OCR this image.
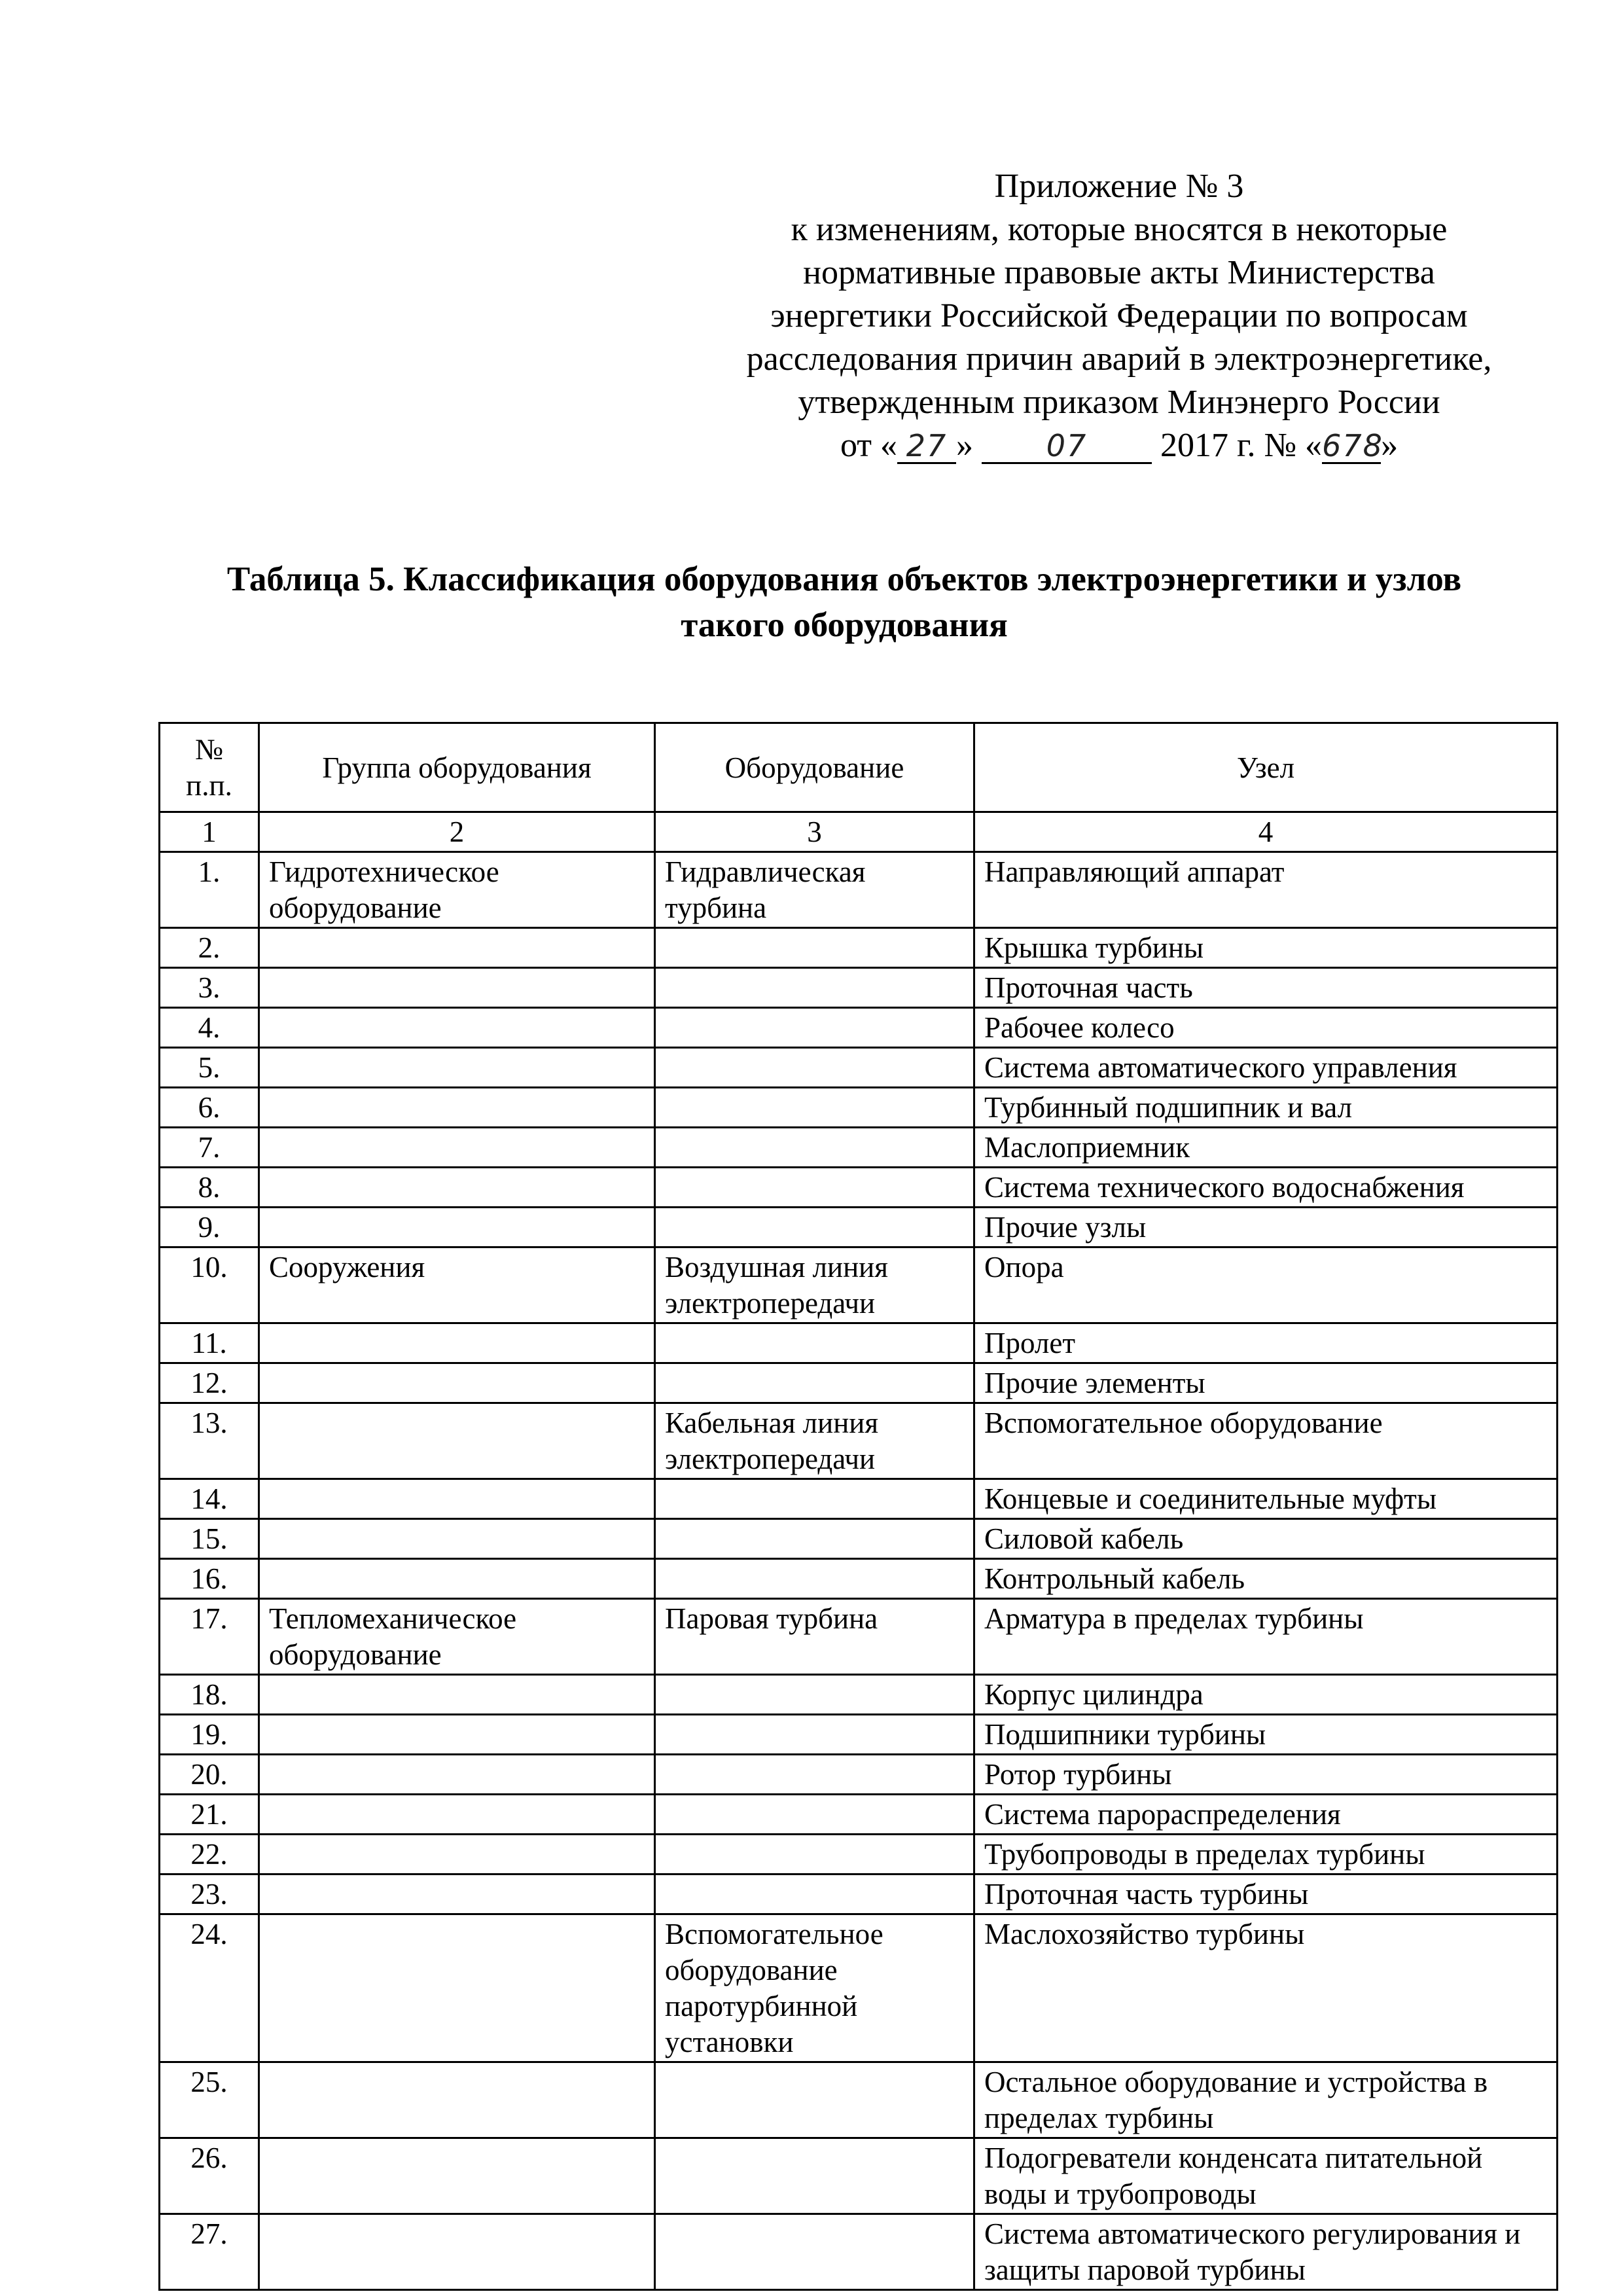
Приложение № 3
к изменениям, которые вносятся в некоторые
нормативные правовые акты Министерства
энергетики Российской Федерации по вопросам
расследования причин аварий в электроэнергетике,
утвержденным приказом Минэнерго России
от « 27 » 07 2017 г. № «678»
Таблица 5. Классификация оборудования объектов электроэнергетики и узлов
такого оборудования
№
п.п.	Группа оборудования	Оборудование	Узел
1	2	3	4
1.	Гидротехническое оборудование	Гидравлическая турбина	Направляющий аппарат
2.			Крышка турбины
3.			Проточная часть
4.			Рабочее колесо
5.			Система автоматического управления
6.			Турбинный подшипник и вал
7.			Маслоприемник
8.			Система технического водоснабжения
9.			Прочие узлы
10.	Сооружения	Воздушная линия электропередачи	Опора
11.			Пролет
12.			Прочие элементы
13.		Кабельная линия электропередачи	Вспомогательное оборудование
14.			Концевые и соединительные муфты
15.			Силовой кабель
16.			Контрольный кабель
17.	Тепломеханическое оборудование	Паровая турбина	Арматура в пределах турбины
18.			Корпус цилиндра
19.			Подшипники турбины
20.			Ротор турбины
21.			Система парораспределения
22.			Трубопроводы в пределах турбины
23.			Проточная часть турбины
24.		Вспомогательное оборудование паротурбинной установки	Маслохозяйство турбины
25.			Остальное оборудование и устройства в пределах турбины
26.			Подогреватели конденсата питательной воды и трубопроводы
27.			Система автоматического регулирования и защиты паровой турбины
